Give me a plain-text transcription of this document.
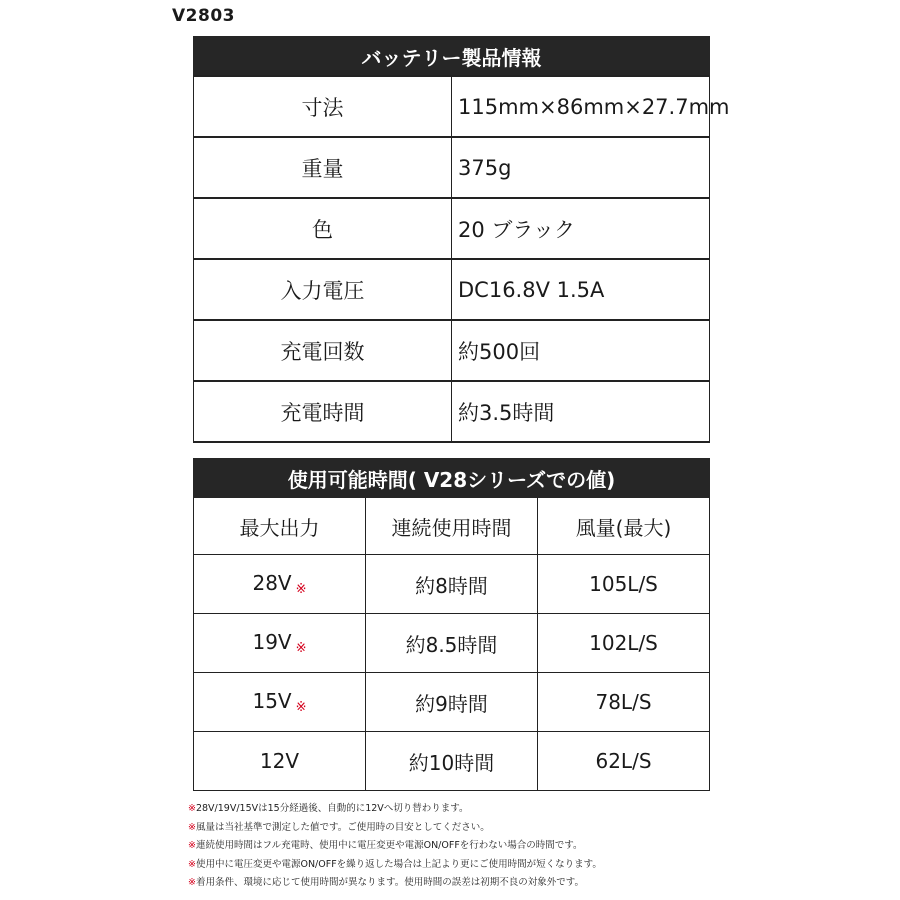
V2803
バッテリー製品情報	
寸法	115mm×86mm×27.7mm
重量	375g
色	20 ブラック
入力電圧	DC16.8V 1.5A
充電回数	約500回
充電時間	約3.5時間
使用可能時間( V28シリーズでの値)		
最大出力	連続使用時間	風量(最大)
28V ※	約8時間	105L/S
19V ※	約8.5時間	102L/S
15V ※	約9時間	78L/S
12V	約10時間	62L/S
※28V/19V/15Vは15分経過後、自動的に12Vへ切り替わります。
※風量は当社基準で測定した値です。ご使用時の目安としてください。
※連続使用時間はフル充電時、使用中に電圧変更や電源ON/OFFを行わない場合の時間です。
※使用中に電圧変更や電源ON/OFFを繰り返した場合は上記より更にご使用時間が短くなります。
※着用条件、環境に応じて使用時間が異なります。使用時間の誤差は初期不良の対象外です。
